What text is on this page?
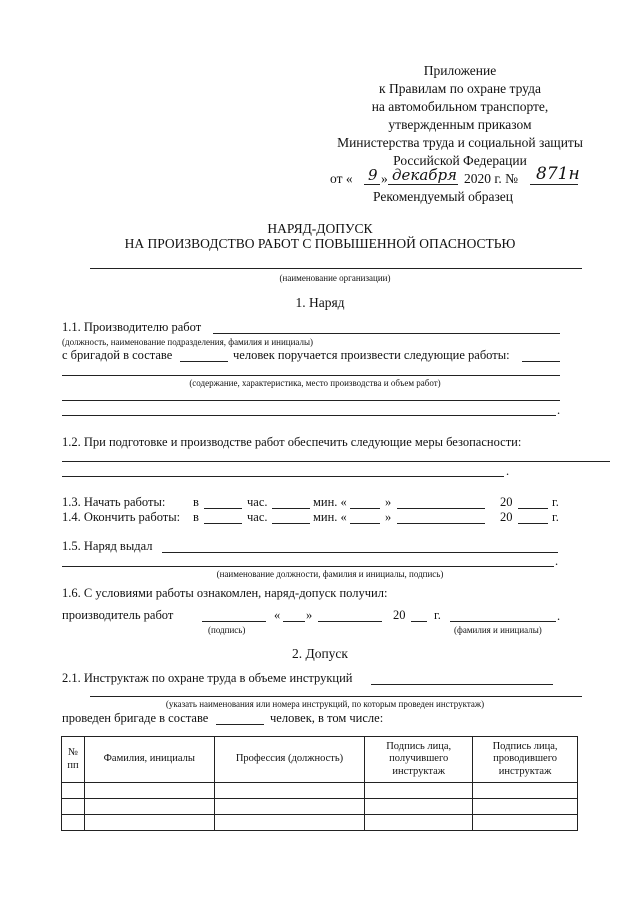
Приложение
к Правилам по охране труда
на автомобильном транспорте,
утвержденным приказом
Министерства труда и социальной защиты
Российской Федерации
от « 9 » декабря 2020 г. № 871н
Рекомендуемый образец
НАРЯД-ДОПУСК
НА ПРОИЗВОДСТВО РАБОТ С ПОВЫШЕННОЙ ОПАСНОСТЬЮ
(наименование организации)
1. Наряд
1.1. Производителю работ
(должность, наименование подразделения, фамилия и инициалы)
с бригадой в составе	человек поручается произвести следующие работы:
(содержание, характеристика, место производства и объем работ)
.
1.2. При подготовке и производстве работ обеспечить следующие меры безопасности:
.
1.3. Начать работы: в	час.	мин. «	»	20	г.
1.4. Окончить работы: в	час.	мин. «	»	20	г.
1.5. Наряд выдал
.
(наименование должности, фамилия и инициалы, подпись)
1.6. С условиями работы ознакомлен, наряд-допуск получил:
производитель работ	« »	20 г.	.
(подпись)	(фамилия и инициалы)
2. Допуск
2.1. Инструктаж по охране труда в объеме инструкций
(указать наименования или номера инструкций, по которым проведен инструктаж)
проведен бригаде в составе	человек, в том числе:
№ пп	Фамилия, инициалы	Профессия (должность)	Подпись лица, получившего инструктаж	Подпись лица, проводившего инструктаж
